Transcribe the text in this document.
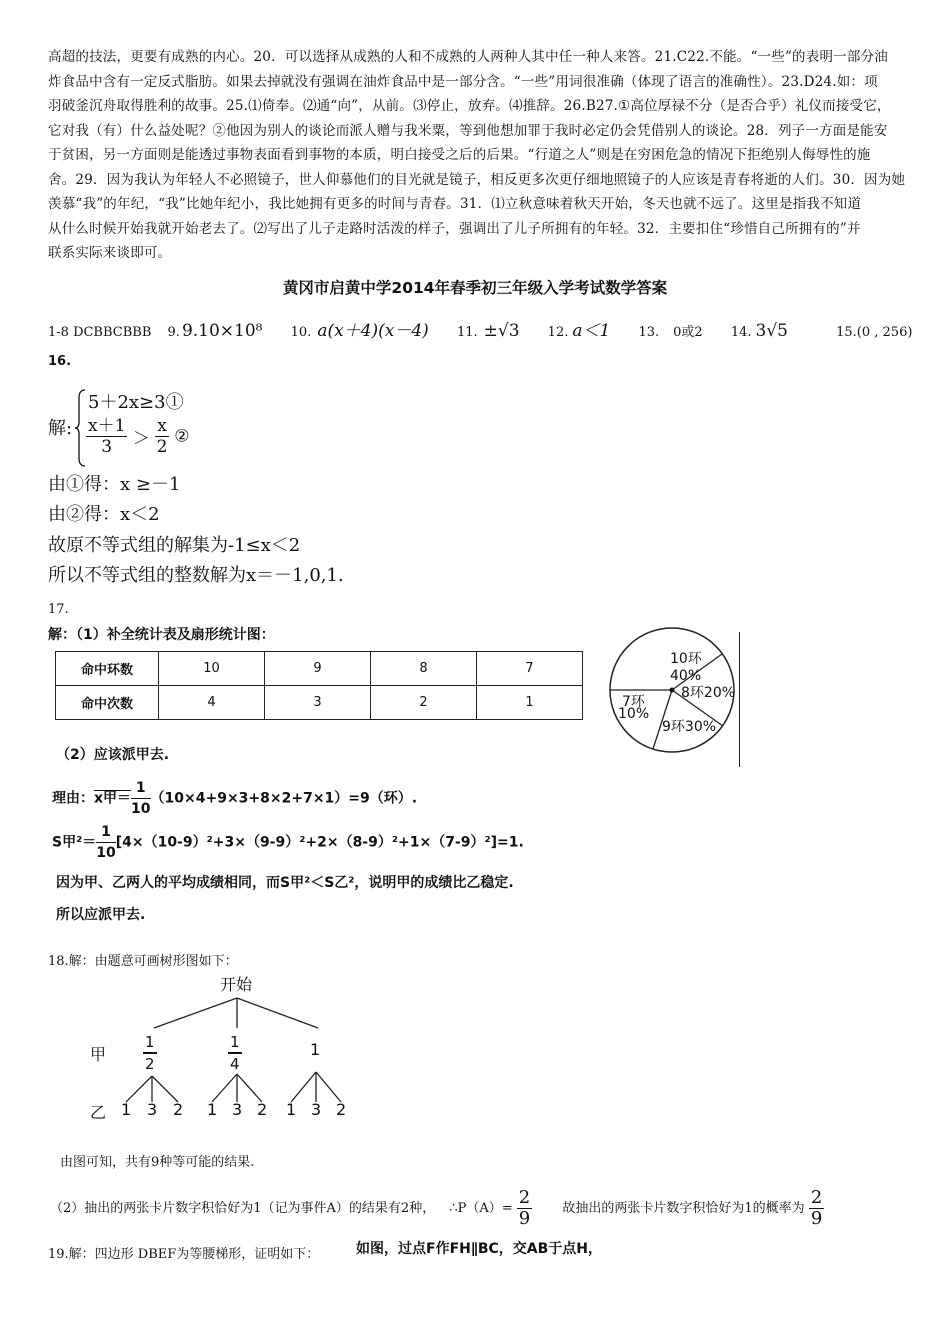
高超的技法，更要有成熟的内心。20．可以选择从成熟的人和不成熟的人两种人其中任一种人来答。21.C22.不能。“一些”的表明一部分油

炸食品中含有一定反式脂肪。如果去掉就没有强调在油炸食品中是一部分含。“一些”用词很准确（体现了语言的准确性）。23.D24.如：项

羽破釜沉舟取得胜利的故事。25.⑴倚奉。⑵通“向”，从前。⑶停止，放弃。⑷推辞。26.B27.①高位厚禄不分（是否合乎）礼仪而接受它，

它对我（有）什么益处呢？②他因为别人的谈论而派人赠与我米粟，等到他想加罪于我时必定仍会凭借别人的谈论。28．列子一方面是能安

于贫困，另一方面则是能透过事物表面看到事物的本质，明白接受之后的后果。“行道之人”则是在穷困危急的情况下拒绝别人侮辱性的施

舍。29．因为我认为年轻人不必照镜子，世人仰慕他们的目光就是镜子，相反更多次更仔细地照镜子的人应该是青春将逝的人们。30．因为她

羡慕“我”的年纪，“我”比她年纪小，我比她拥有更多的时间与青春。31．⑴立秋意味着秋天开始，冬天也就不远了。这里是指我不知道

从什么时候开始我就开始老去了。⑵写出了儿子走路时活泼的样子，强调出了儿子所拥有的年轻。32．主要扣住“珍惜自己所拥有的”并

联系实际来谈即可。

黄冈市启黄中学2014年春季初三年级入学考试数学答案
1-8 DCBBCBBB 9. 9.10×10⁸ 10. a(x＋4)(x－4) 11. ±√3 12. a＜1 13. 0或2 14. 3√5	15.(0 , 256)
16.
解:
5＋2x≥3①
$\frac{x+1}{3} > \frac{x}{2}$ ②
由①得：x ≥－1
由②得：x＜2
故原不等式组的解集为-1≤x＜2
所以不等式组的整数解为x＝－1,0,1.
17.
解：（1）补全统计表及扇形统计图：
命中环数	10	9	8	7
命中次数	4	3	2	1
10环
40%
8环20%
7环
10%
9环30%
（2）应该派甲去.
理由：x甲＝ $\frac{1}{10} (10\times 4+9\times 3+8\times 2+7\times 1)=9$（环）.
S甲$^2= \frac{1}{10} [4\times(10-9)^2+3\times(9-9)^2+2\times(8-9)^2+1\times(7-9)^2]=1$.
因为甲、乙两人的平均成绩相同，而S甲²＜S乙²，说明甲的成绩比乙稳定.
所以应派甲去.
18.解：由题意可画树形图如下：
开始
甲
乙
$\frac{1}{2}$	$\frac{1}{4}$	1
1 3 2 1 3 2 1 3 2
由图可知，共有9种等可能的结果.
（2）抽出的两张卡片数字积恰好为1（记为事件A）的结果有2种， ∴P（A）= $\frac{2}{9}$ 故抽出的两张卡片数字积恰好为1的概率为 $\frac{2}{9}$
19.解：四边形 DBEF为等腰梯形，证明如下：	如图，过点F作FH∥BC，交AB于点H，
